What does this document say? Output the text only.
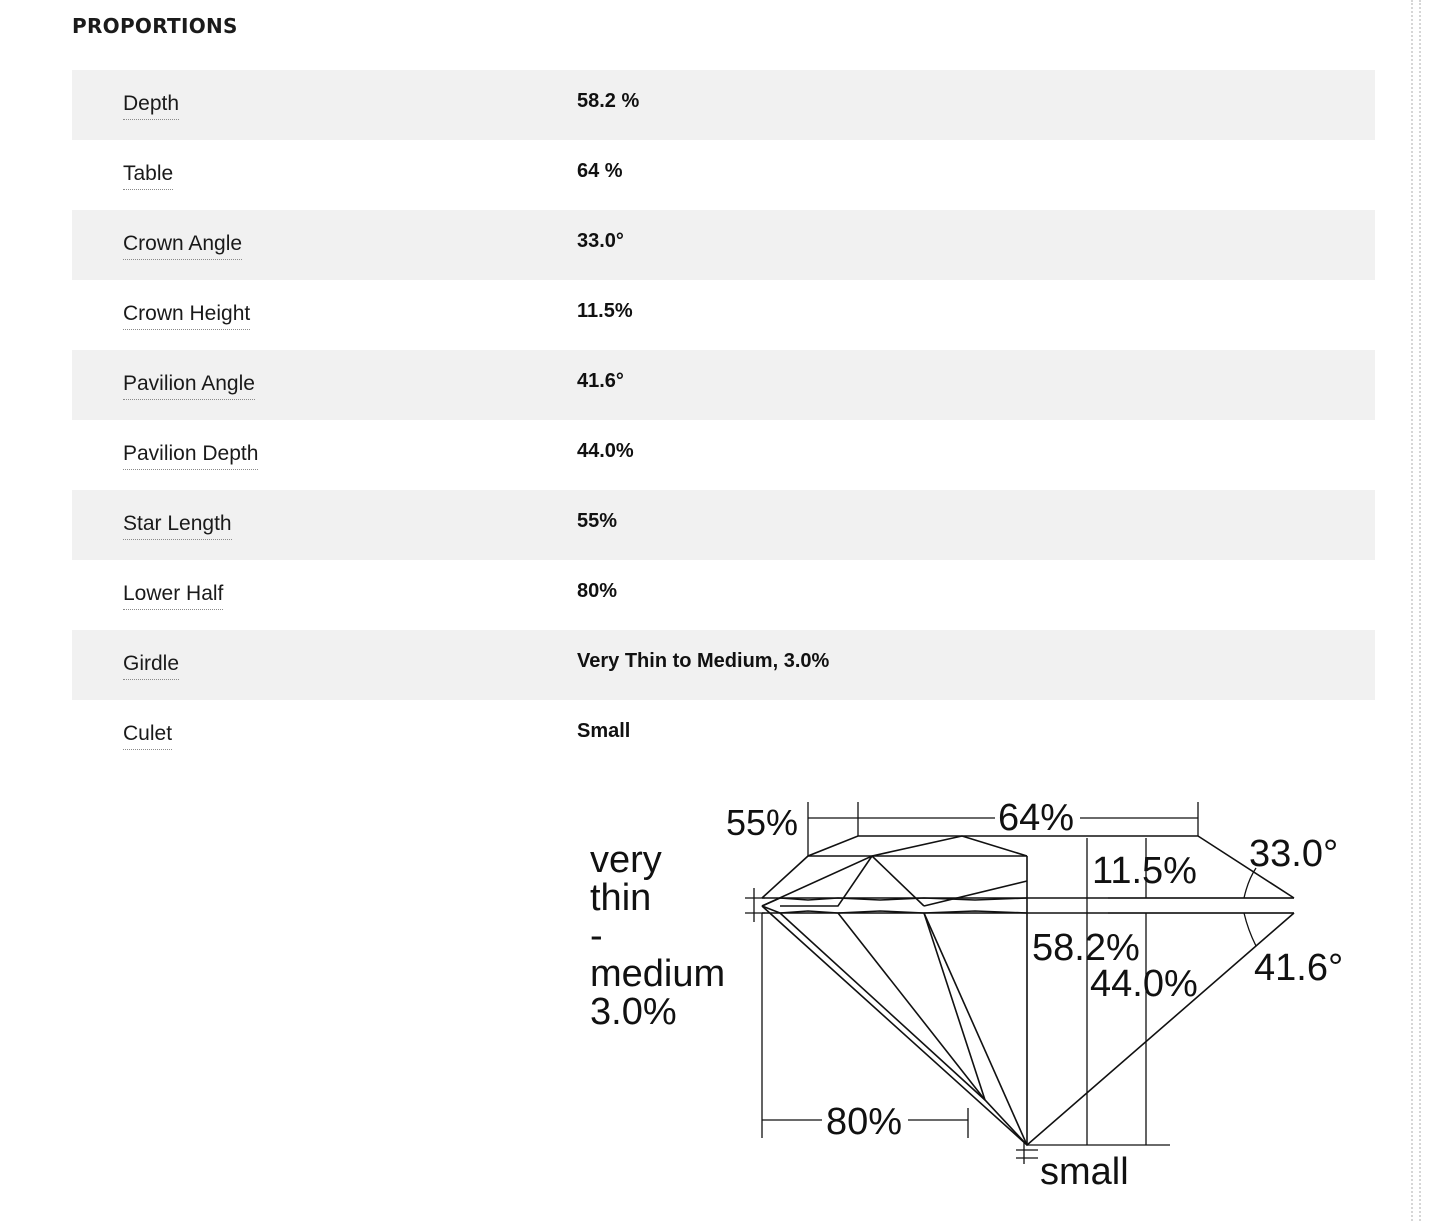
PROPORTIONS
Depth	58.2 %
Table	64 %
Crown Angle	33.0°
Crown Height	11.5%
Pavilion Angle	41.6°
Pavilion Depth	44.0%
Star Length	55%
Lower Half	80%
Girdle	Very Thin to Medium, 3.0%
Culet	Small
55%	64%
11.5% 33.0°
58.2%
44.0% 41.6°
80%
small
very
thin
-
medium
3.0%
